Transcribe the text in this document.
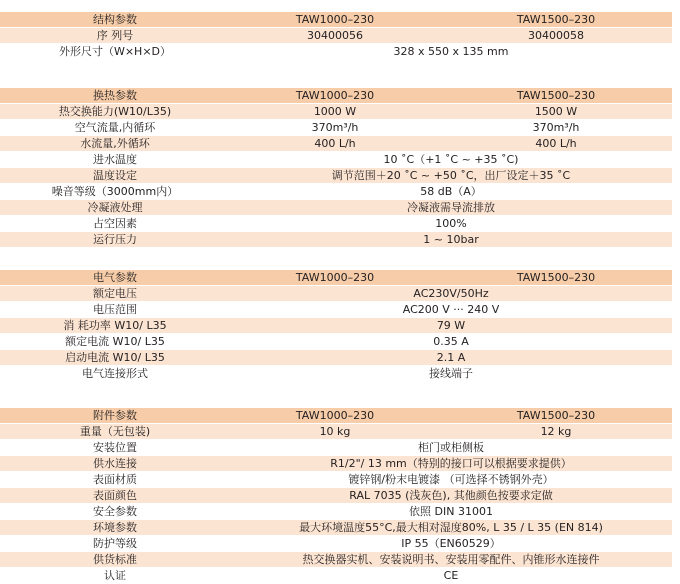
结构参数	TAW1000–230	TAW1500–230
序 列号	30400056	30400058
外形尺寸（W×H×D）	328 x 550 x 135 mm
换热参数	TAW1000–230	TAW1500–230
热交换能力(W10/L35)	1000 W	1500 W
空气流量,内循环	370m³/h	370m³/h
水流量,外循环	400 L/h	400 L/h
进水温度	10 ˚C（+1 ˚C ~ +35 ˚C)
温度设定	调节范围＋20 ˚C ~ +50 ˚C，出厂设定＋35 ˚C
噪音等级（3000mm内）	58 dB（A）
冷凝液处理	冷凝液需导流排放
占空因素	100%
运行压力	1 ~ 10bar
电气参数	TAW1000–230	TAW1500–230
额定电压	AC230V/50Hz
电压范围	AC200 V ··· 240 V
消 耗功率 W10/ L35	79 W
额定电流 W10/ L35	0.35 A
启动电流 W10/ L35	2.1 A
电气连接形式	接线端子
附件参数	TAW1000–230	TAW1500–230
重量（无包装)	10 kg	12 kg
安装位置	柜门或柜侧板
供水连接	R1/2"/ 13 mm（特别的接口可以根据要求提供）
表面材质	镀锌钢/粉末电镀漆 （可选择不锈钢外壳）
表面颜色	RAL 7035 (浅灰色), 其他颜色按要求定做
安全参数	依照 DIN 31001
环境参数	最大环境温度55°C,最大相对湿度80%, L 35 / L 35 (EN 814)
防护等级	IP 55（EN60529）
供货标准	热交换器实机、安装说明书、安装用零配件、内锥形水连接件
认证	CE
